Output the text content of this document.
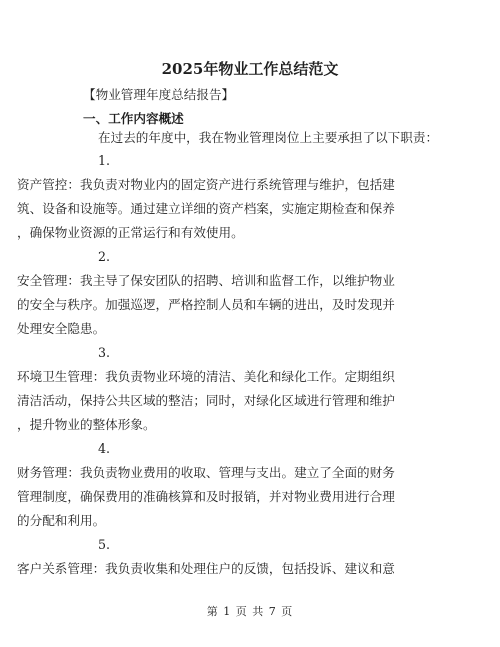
2025年物业工作总结范文
【物业管理年度总结报告】
一、工作内容概述
在过去的年度中，我在物业管理岗位上主要承担了以下职责：
1.
资产管控：我负责对物业内的固定资产进行系统管理与维护，包括建
筑、设备和设施等。通过建立详细的资产档案，实施定期检查和保养
，确保物业资源的正常运行和有效使用。
2.
安全管理：我主导了保安团队的招聘、培训和监督工作，以维护物业
的安全与秩序。加强巡逻，严格控制人员和车辆的进出，及时发现并
处理安全隐患。
3.
环境卫生管理：我负责物业环境的清洁、美化和绿化工作。定期组织
清洁活动，保持公共区域的整洁；同时，对绿化区域进行管理和维护
，提升物业的整体形象。
4.
财务管理：我负责物业费用的收取、管理与支出。建立了全面的财务
管理制度，确保费用的准确核算和及时报销，并对物业费用进行合理
的分配和利用。
5.
客户关系管理：我负责收集和处理住户的反馈，包括投诉、建议和意
第 1 页 共 7 页
